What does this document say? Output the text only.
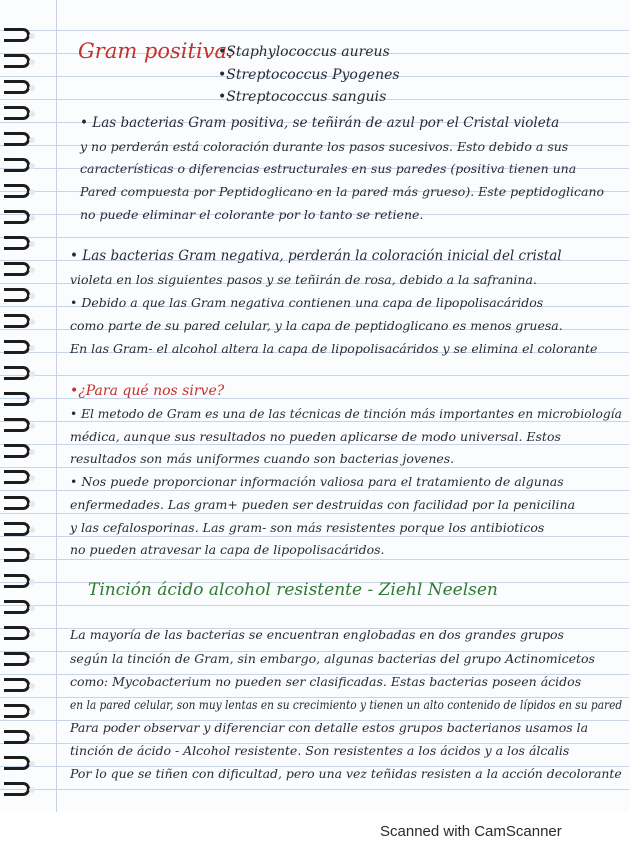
Gram positiva:
•Staphylococcus aureus
•Streptococcus Pyogenes
•Streptococcus sanguis
• Las bacterias Gram positiva, se teñirán de azul por el Cristal violeta
y no perderán está coloración durante los pasos sucesivos. Esto debido a sus
características o diferencias estructurales en sus paredes (positiva tienen una
Pared compuesta por Peptidoglicano en la pared más grueso). Este peptidoglicano
no puede eliminar el colorante por lo tanto se retiene.
• Las bacterias Gram negativa, perderán la coloración inicial del cristal
violeta en los siguientes pasos y se teñirán de rosa, debido a la safranina.
• Debido a que las Gram negativa contienen una capa de lipopolisacáridos
como parte de su pared celular, y la capa de peptidoglicano es menos gruesa.
En las Gram- el alcohol altera la capa de lipopolisacáridos y se elimina el colorante
•¿Para qué nos sirve?
• El metodo de Gram es una de las técnicas de tinción más importantes en microbiología
médica, aunque sus resultados no pueden aplicarse de modo universal. Estos
resultados son más uniformes cuando son bacterias jovenes.
• Nos puede proporcionar información valiosa para el tratamiento de algunas
enfermedades. Las gram+ pueden ser destruidas con facilidad por la penicilina
y las cefalosporinas. Las gram- son más resistentes porque los antibioticos
no pueden atravesar la capa de lipopolisacáridos.
Tinción ácido alcohol resistente - Ziehl Neelsen
La mayoría de las bacterias se encuentran englobadas en dos grandes grupos
según la tinción de Gram, sin embargo, algunas bacterias del grupo Actinomicetos
como: Mycobacterium no pueden ser clasificadas. Estas bacterias poseen ácidos
en la pared celular, son muy lentas en su crecimiento y tienen un alto contenido de lípidos en su pared
Para poder observar y diferenciar con detalle estos grupos bacterianos usamos la
tinción de ácido - Alcohol resistente. Son resistentes a los ácidos y a los álcalis
Por lo que se tiñen con dificultad, pero una vez teñidas resisten a la acción decolorante
Scanned with CamScanner
